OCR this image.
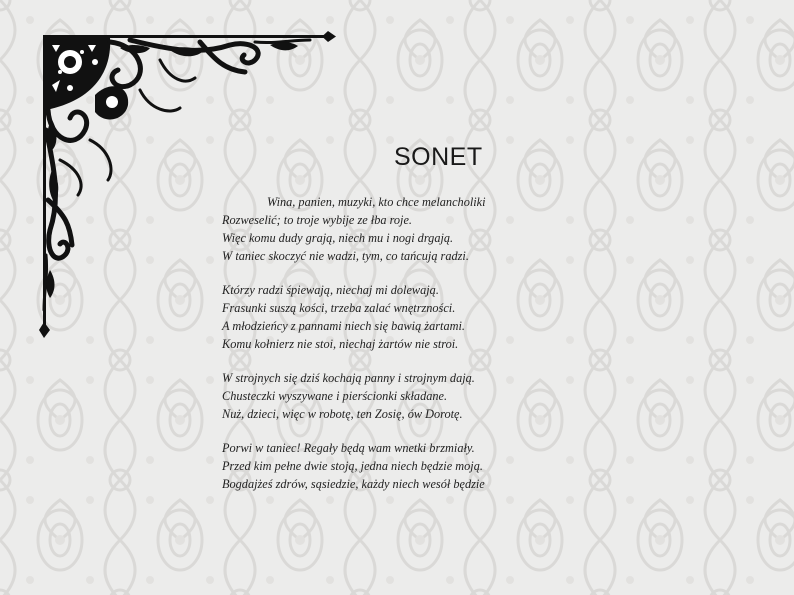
SONET
Wina, panien, muzyki, kto chce melancholiki
Rozweselić; to troje wybije ze łba roje.
Więc komu dudy grają, niech mu i nogi drgają.
W taniec skoczyć nie wadzi, tym, co tańcują radzi.
Którzy radzi śpiewają, niechaj mi dolewają.
Frasunki suszą kości, trzeba zalać wnętrzności.
A młodzieńcy z pannami niech się bawią żartami.
Komu kołnierz nie stoi, niechaj żartów nie stroi.
W strojnych się dziś kochają panny i strojnym dają.
Chusteczki wyszywane i pierścionki składane.
Nuż, dzieci, więc w robotę, ten Zosię, ów Dorotę.
Porwi w taniec! Regały będą wam wnetki brzmiały.
Przed kim pełne dwie stoją, jedna niech będzie moją.
Bogdajżeś zdrów, sąsiedzie, każdy niech wesół będzie
